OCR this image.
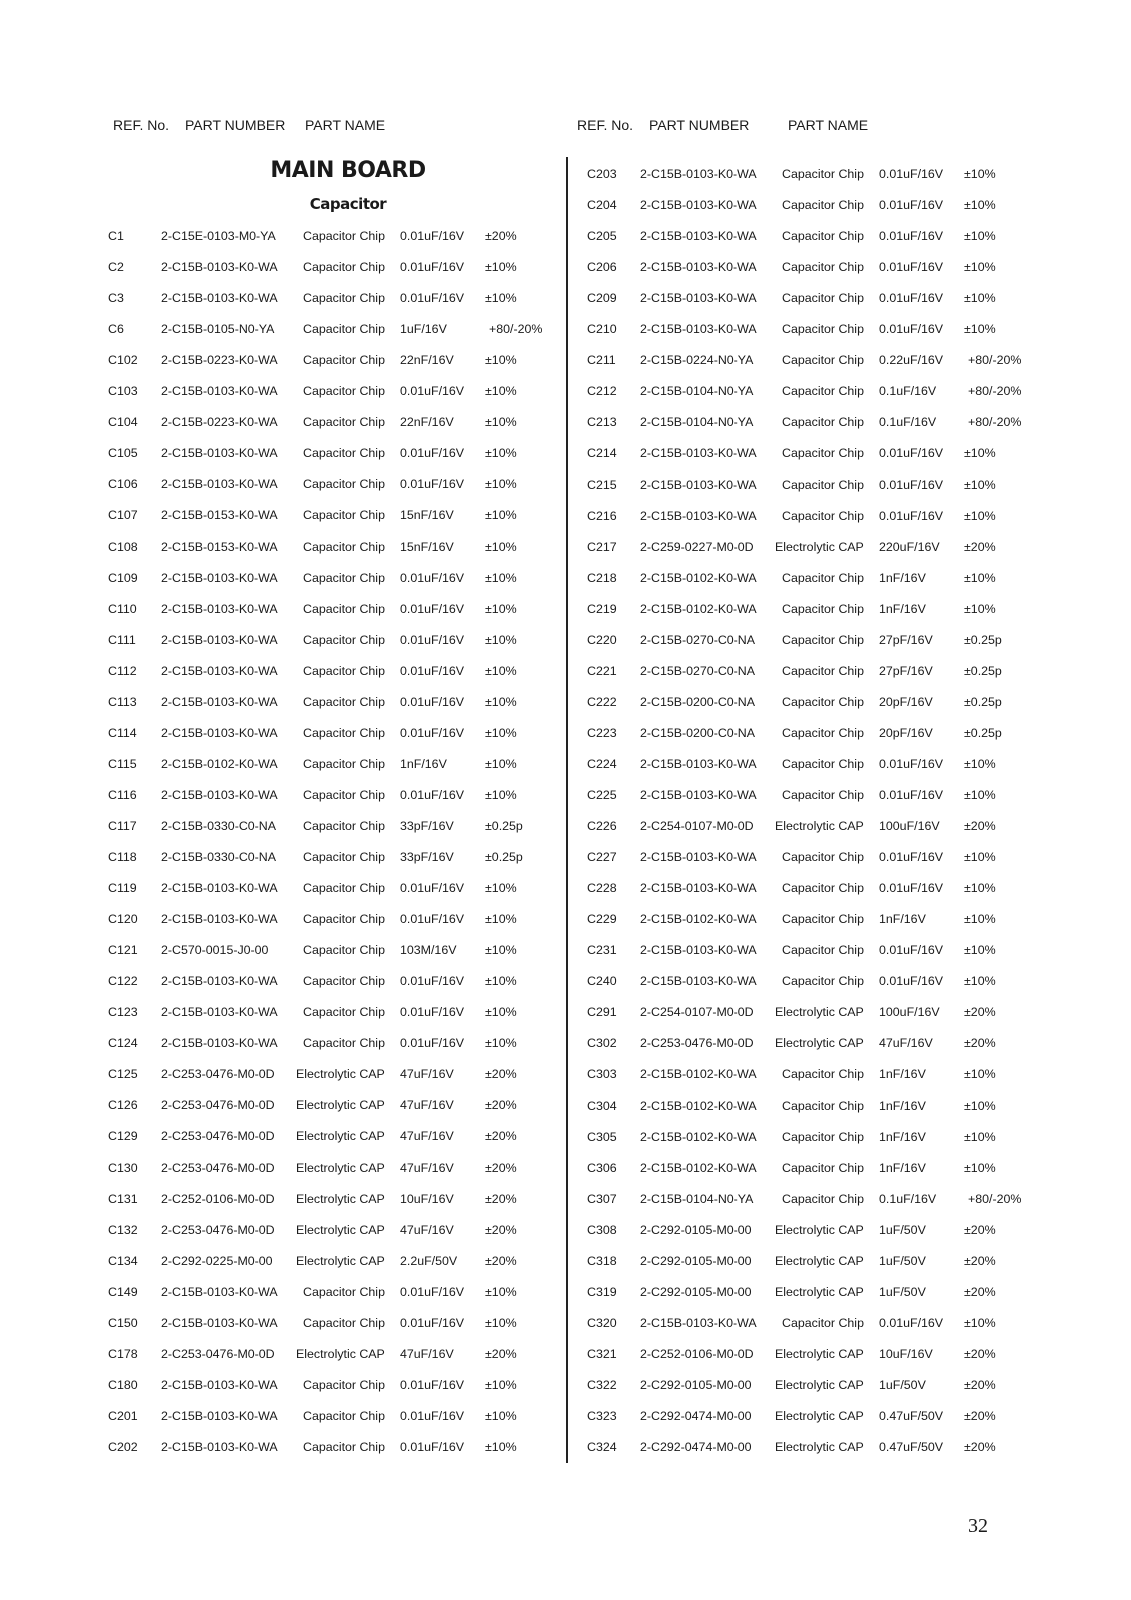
REF. No. PART NUMBER PART NAME	REF. No. PART NUMBER	PART NAME
MAIN BOARD
Capacitor
C1	2-C15E-0103-M0-YA Capacitor Chip 0.01uF/16V ±20%
C2	2-C15B-0103-K0-WA Capacitor Chip 0.01uF/16V ±10%
C3	2-C15B-0103-K0-WA Capacitor Chip 0.01uF/16V ±10%
C6	2-C15B-0105-N0-YA Capacitor Chip 1uF/16V	+80/-20%
C102 2-C15B-0223-K0-WA Capacitor Chip 22nF/16V	±10%
C103 2-C15B-0103-K0-WA Capacitor Chip 0.01uF/16V ±10%
C104 2-C15B-0223-K0-WA Capacitor Chip 22nF/16V	±10%
C105 2-C15B-0103-K0-WA Capacitor Chip 0.01uF/16V ±10%
C106 2-C15B-0103-K0-WA Capacitor Chip 0.01uF/16V ±10%
C107 2-C15B-0153-K0-WA Capacitor Chip 15nF/16V	±10%
C108 2-C15B-0153-K0-WA Capacitor Chip 15nF/16V	±10%
C109 2-C15B-0103-K0-WA Capacitor Chip 0.01uF/16V ±10%
C110 2-C15B-0103-K0-WA Capacitor Chip 0.01uF/16V ±10%
C111 2-C15B-0103-K0-WA Capacitor Chip 0.01uF/16V ±10%
C112 2-C15B-0103-K0-WA Capacitor Chip 0.01uF/16V ±10%
C113 2-C15B-0103-K0-WA Capacitor Chip 0.01uF/16V ±10%
C114 2-C15B-0103-K0-WA Capacitor Chip 0.01uF/16V ±10%
C115 2-C15B-0102-K0-WA Capacitor Chip 1nF/16V	±10%
C116 2-C15B-0103-K0-WA Capacitor Chip 0.01uF/16V ±10%
C117 2-C15B-0330-C0-NA Capacitor Chip 33pF/16V	±0.25p
C118 2-C15B-0330-C0-NA Capacitor Chip 33pF/16V	±0.25p
C119 2-C15B-0103-K0-WA Capacitor Chip 0.01uF/16V ±10%
C120 2-C15B-0103-K0-WA Capacitor Chip 0.01uF/16V ±10%
C121 2-C570-0015-J0-00	Capacitor Chip 103M/16V ±10%
C122 2-C15B-0103-K0-WA Capacitor Chip 0.01uF/16V ±10%
C123 2-C15B-0103-K0-WA Capacitor Chip 0.01uF/16V ±10%
C124 2-C15B-0103-K0-WA Capacitor Chip 0.01uF/16V ±10%
C125 2-C253-0476-M0-0D Electrolytic CAP 47uF/16V	±20%
C126 2-C253-0476-M0-0D Electrolytic CAP 47uF/16V	±20%
C129 2-C253-0476-M0-0D Electrolytic CAP 47uF/16V	±20%
C130 2-C253-0476-M0-0D Electrolytic CAP 47uF/16V	±20%
C131 2-C252-0106-M0-0D Electrolytic CAP 10uF/16V	±20%
C132 2-C253-0476-M0-0D Electrolytic CAP 47uF/16V	±20%
C134 2-C292-0225-M0-00 Electrolytic CAP 2.2uF/50V ±20%
C149 2-C15B-0103-K0-WA Capacitor Chip 0.01uF/16V ±10%
C150 2-C15B-0103-K0-WA Capacitor Chip 0.01uF/16V ±10%
C178 2-C253-0476-M0-0D Electrolytic CAP 47uF/16V	±20%
C180 2-C15B-0103-K0-WA Capacitor Chip 0.01uF/16V ±10%
C201 2-C15B-0103-K0-WA Capacitor Chip 0.01uF/16V ±10%
C202 2-C15B-0103-K0-WA Capacitor Chip 0.01uF/16V ±10%
C203 2-C15B-0103-K0-WA Capacitor Chip 0.01uF/16V ±10%
C204 2-C15B-0103-K0-WA Capacitor Chip 0.01uF/16V ±10%
C205 2-C15B-0103-K0-WA Capacitor Chip 0.01uF/16V ±10%
C206 2-C15B-0103-K0-WA Capacitor Chip 0.01uF/16V ±10%
C209 2-C15B-0103-K0-WA Capacitor Chip 0.01uF/16V ±10%
C210 2-C15B-0103-K0-WA Capacitor Chip 0.01uF/16V ±10%
C211 2-C15B-0224-N0-YA Capacitor Chip 0.22uF/16V +80/-20%
C212 2-C15B-0104-N0-YA Capacitor Chip 0.1uF/16V	+80/-20%
C213 2-C15B-0104-N0-YA Capacitor Chip 0.1uF/16V	+80/-20%
C214 2-C15B-0103-K0-WA Capacitor Chip 0.01uF/16V ±10%
C215 2-C15B-0103-K0-WA Capacitor Chip 0.01uF/16V ±10%
C216 2-C15B-0103-K0-WA Capacitor Chip 0.01uF/16V ±10%
C217 2-C259-0227-M0-0D Electrolytic CAP 220uF/16V ±20%
C218 2-C15B-0102-K0-WA Capacitor Chip 1nF/16V	±10%
C219 2-C15B-0102-K0-WA Capacitor Chip 1nF/16V	±10%
C220 2-C15B-0270-C0-NA Capacitor Chip 27pF/16V	±0.25p
C221 2-C15B-0270-C0-NA Capacitor Chip 27pF/16V	±0.25p
C222 2-C15B-0200-C0-NA Capacitor Chip 20pF/16V	±0.25p
C223 2-C15B-0200-C0-NA Capacitor Chip 20pF/16V	±0.25p
C224 2-C15B-0103-K0-WA Capacitor Chip 0.01uF/16V ±10%
C225 2-C15B-0103-K0-WA Capacitor Chip 0.01uF/16V ±10%
C226 2-C254-0107-M0-0D Electrolytic CAP 100uF/16V ±20%
C227 2-C15B-0103-K0-WA Capacitor Chip 0.01uF/16V ±10%
C228 2-C15B-0103-K0-WA Capacitor Chip 0.01uF/16V ±10%
C229 2-C15B-0102-K0-WA Capacitor Chip 1nF/16V	±10%
C231 2-C15B-0103-K0-WA Capacitor Chip 0.01uF/16V ±10%
C240 2-C15B-0103-K0-WA Capacitor Chip 0.01uF/16V ±10%
C291 2-C254-0107-M0-0D Electrolytic CAP 100uF/16V ±20%
C302 2-C253-0476-M0-0D Electrolytic CAP 47uF/16V	±20%
C303 2-C15B-0102-K0-WA Capacitor Chip 1nF/16V	±10%
C304 2-C15B-0102-K0-WA Capacitor Chip 1nF/16V	±10%
C305 2-C15B-0102-K0-WA Capacitor Chip 1nF/16V	±10%
C306 2-C15B-0102-K0-WA Capacitor Chip 1nF/16V	±10%
C307 2-C15B-0104-N0-YA Capacitor Chip 0.1uF/16V	+80/-20%
C308 2-C292-0105-M0-00 Electrolytic CAP 1uF/50V	±20%
C318 2-C292-0105-M0-00 Electrolytic CAP 1uF/50V	±20%
C319 2-C292-0105-M0-00 Electrolytic CAP 1uF/50V	±20%
C320 2-C15B-0103-K0-WA Capacitor Chip 0.01uF/16V ±10%
C321 2-C252-0106-M0-0D Electrolytic CAP 10uF/16V	±20%
C322 2-C292-0105-M0-00 Electrolytic CAP 1uF/50V	±20%
C323 2-C292-0474-M0-00 Electrolytic CAP 0.47uF/50V ±20%
C324 2-C292-0474-M0-00 Electrolytic CAP 0.47uF/50V ±20%
32
